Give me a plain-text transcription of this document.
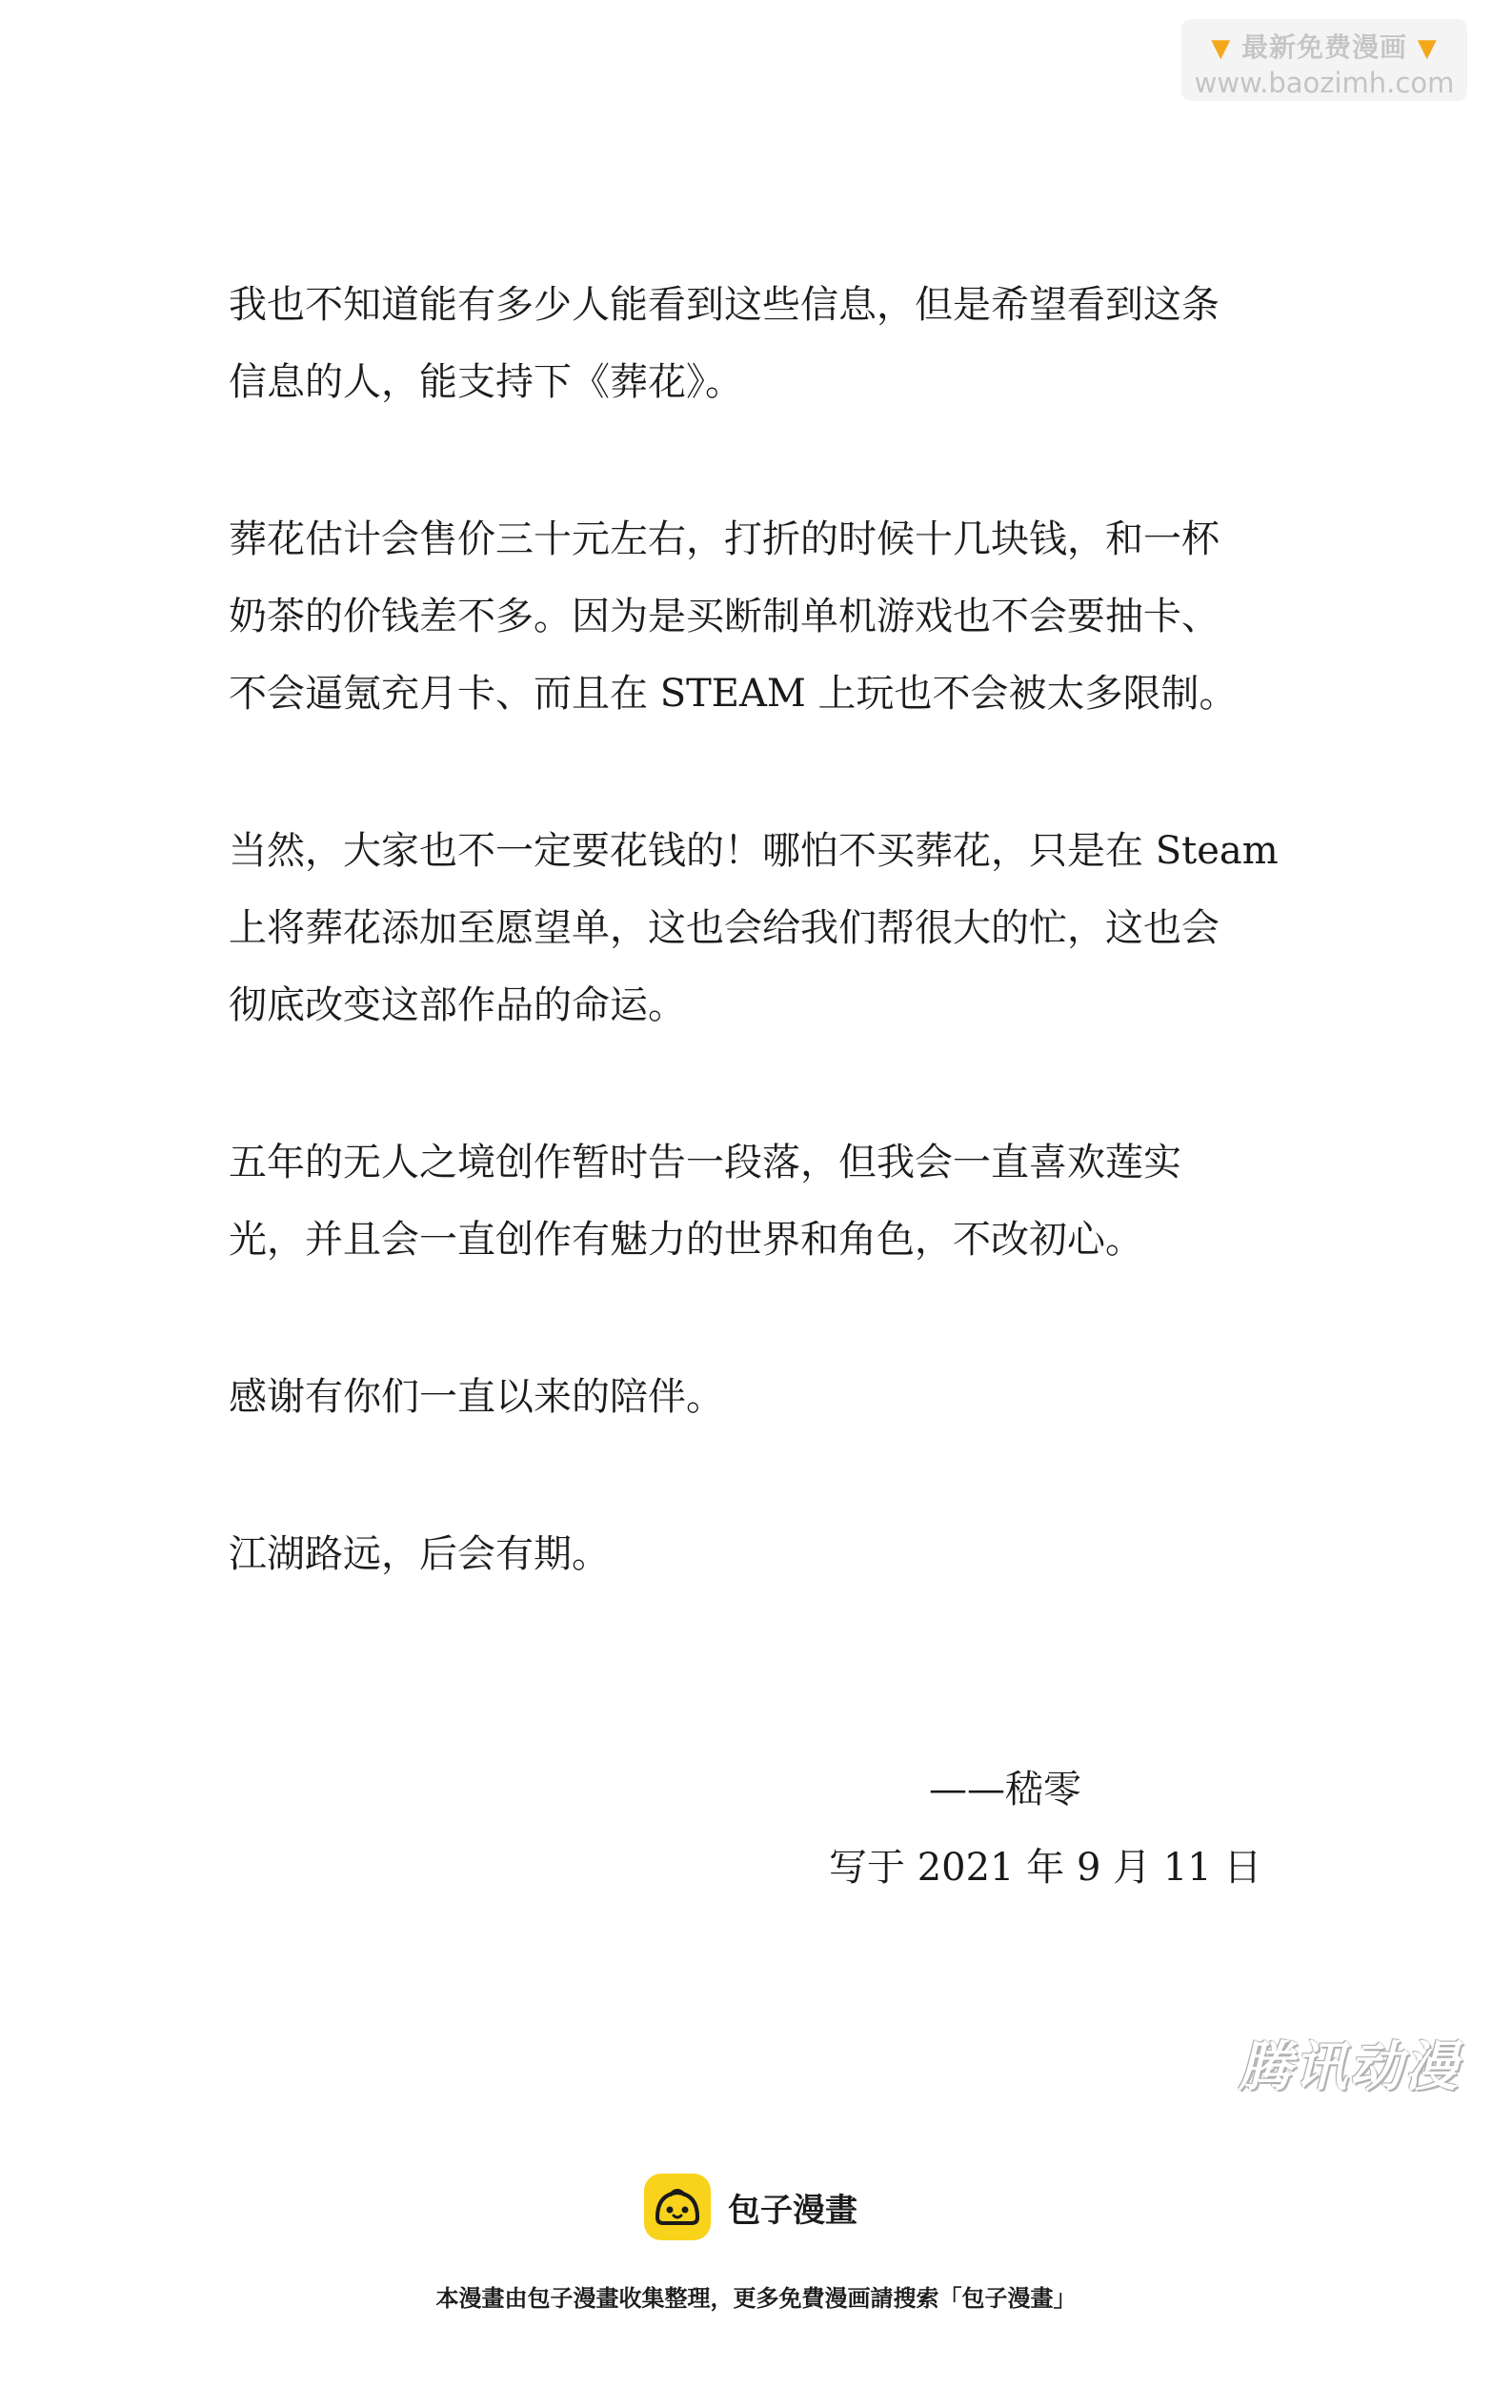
▼ 最新免费漫画 ▼
www.baozimh.com

我也不知道能有多少人能看到这些信息，但是希望看到这条
信息的人，能支持下《葬花》。

葬花估计会售价三十元左右，打折的时候十几块钱，和一杯
奶茶的价钱差不多。因为是买断制单机游戏也不会要抽卡、
不会逼氪充月卡、而且在 STEAM 上玩也不会被太多限制。

当然，大家也不一定要花钱的！哪怕不买葬花，只是在 Steam
上将葬花添加至愿望单，这也会给我们帮很大的忙，这也会
彻底改变这部作品的命运。

五年的无人之境创作暂时告一段落，但我会一直喜欢莲实
光，并且会一直创作有魅力的世界和角色，不改初心。

感谢有你们一直以来的陪伴。

江湖路远，后会有期。

——嵇零
写于 2021 年 9 月 11 日
腾讯动漫
包子漫畫
本漫畫由包子漫畫收集整理，更多免費漫画請搜索「包子漫畫」
